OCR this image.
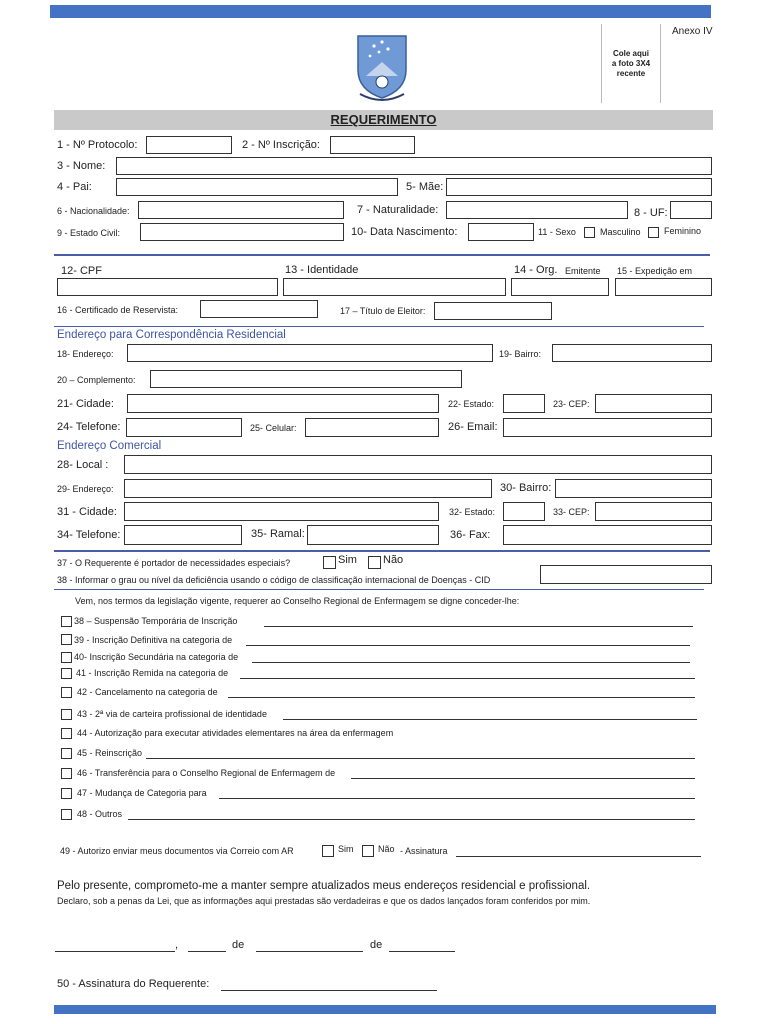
Cole aqui
a foto 3X4
recente
Anexo IV
REQUERIMENTO
1 - Nº Protocolo:	2 - Nº Inscrição:
3 - Nome:
4 - Pai:	5- Mãe:
6 - Nacionalidade:	7 - Naturalidade:	8 - UF:
9 - Estado Civil:	10- Data Nascimento:	11 - Sexo	Masculino	Feminino
12- CPF	13 - Identidade	14 - Org. Emitente 15 - Expedição em
16 - Certificado de Reservista:	17 – Título de Eleitor:
Endereço para Correspondência Residencial
18- Endereço:	19- Bairro:
20 – Complemento:
21- Cidade:	22- Estado:	23- CEP:
24- Telefone:	25- Celular:	26- Email:
Endereço Comercial
28- Local :
29- Endereço:	30- Bairro:
31 - Cidade:	32- Estado:	33- CEP:
34- Telefone:	35- Ramal:	36- Fax:
37 - O Requerente é portador de necessidades especiais?	Sim Não
38 - Informar o grau ou nível da deficiência usando o código de classificação internacional de Doenças - CID
Vem, nos termos da legislação vigente, requerer ao Conselho Regional de Enfermagem se digne conceder-lhe:
38 – Suspensão Temporária de Inscrição
39 - Inscrição Definitiva na categoria de
40- Inscrição Secundária na categoria de
41 - Inscrição Remida na categoria de
42 - Cancelamento na categoria de
43 - 2ª via de carteira profissional de identidade
44 - Autorização para executar atividades elementares na área da enfermagem
45 - Reinscrição
46 - Transferência para o Conselho Regional de Enfermagem de
47 - Mudança de Categoria para
48 - Outros
49 - Autorizo enviar meus documentos via Correio com AR	Sim	Não - Assinatura
Pelo presente, comprometo-me a manter sempre atualizados meus endereços residencial e profissional.
Declaro, sob a penas da Lei, que as informações aqui prestadas são verdadeiras e que os dados lançados foram conferidos por mim.
,	de	de
50 - Assinatura do Requerente:
